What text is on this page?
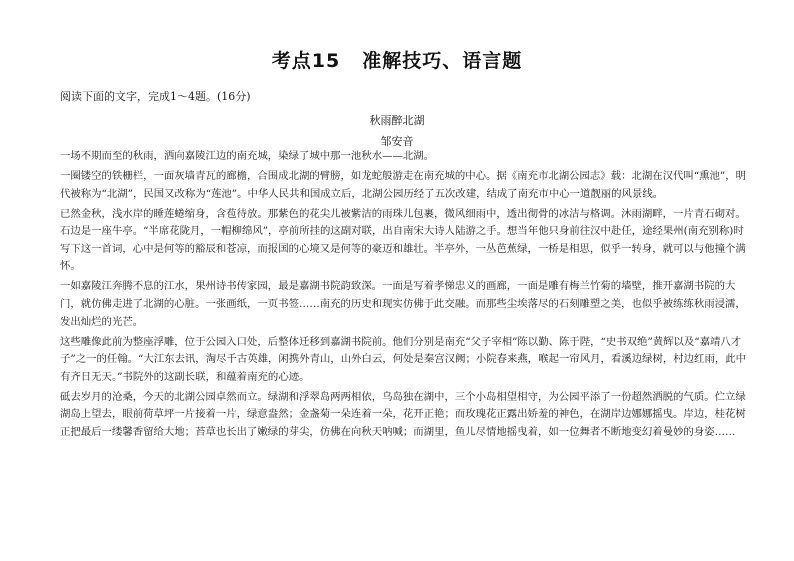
考点15 准解技巧、语言题
阅读下面的文字，完成1～4题。(16分)
秋雨醉北湖
邹安音

一场不期而至的秋雨，洒向嘉陵江边的南充城，染绿了城中那一池秋水——北湖。

一圈镂空的铁栅栏，一面灰墙青瓦的廊檐，合围成北湖的臂膀，如龙蛇般游走在南充城的中心。据《南充市北湖公园志》载：北湖在汉代叫“熏池”，明代被称为“北湖”，民国又改称为“莲池”。中华人民共和国成立后，北湖公园历经了五次改建，结成了南充市中心一道靓丽的风景线。

已然金秋，浅水岸的睡莲蜷缩身，含苞待放。那紫色的花尖儿被紫洁的雨珠儿包裹，微风细雨中，透出彻骨的冰洁与格调。沐雨湖畔，一片青石砌对。石边是一座牛亭。“半席花陇月，一帽柳绵风”，亭前所挂的这副对联，出自南宋大诗人陆游之手。想当年他只身前往汉中赴任，途经果州(南充别称)时写下这一首词，心中是何等的豁辰和苍凉，而报国的心境又是何等的豪迈和雄壮。半亭外，一丛芭蕉绿，一桥是相思，似乎一转身，就可以与他撞个满怀。

一如嘉陵江奔腾不息的江水，果州诗书传家园，最是嘉湖书院韵致深。一面是写着孝悌忠义的画廊，一面是雕有梅兰竹菊的墙壁，推开嘉湖书院的大门，就仿佛走进了北湖的心脏。一张画纸，一页书签……南充的历史和现实仿佛于此交融。而那些尘埃落尽的石刻雕塑之美，也似乎被练练秋雨浸濡，发出灿烂的光芒。

这些雕像此前为整座浮雕，位于公园入口处，后整体迁移到嘉湖书院前。他们分别是南充“父子宰相”陈以勤、陈于陛，“史书双绝”黄辉以及“嘉靖八才子”之一的任翰。“大江东去讯，淘尽千古英雄，闲携外青山，山外白云，何处是秦宫汉阙；小院春来燕，喉起一帘风月，看溪边绿树，村边红雨，此中有齐日无天。”书院外的这副长联，和蕴着南充的心迹。

砥去岁月的沧桑，今天的北湖公园卓然而立。绿湖和浮翠岛两两相依，乌岛独在湖中，三个小岛相望相守，为公园平添了一份超然洒脱的气质。伫立绿湖岛上望去，眼前荷草坪一片接着一片，绿意盎然；金盏菊一朵连着一朵，花开正艳；而玫瑰花正露出娇羞的神色，在湖岸边娜娜摇曳。岸边，桂花树正把最后一缕馨香留给大地；苔草也长出了嫩绿的芽尖，仿佛在向秋天呐喊；而湖里，鱼儿尽情地摇曳着，如一位舞者不断地变幻着曼妙的身姿……
